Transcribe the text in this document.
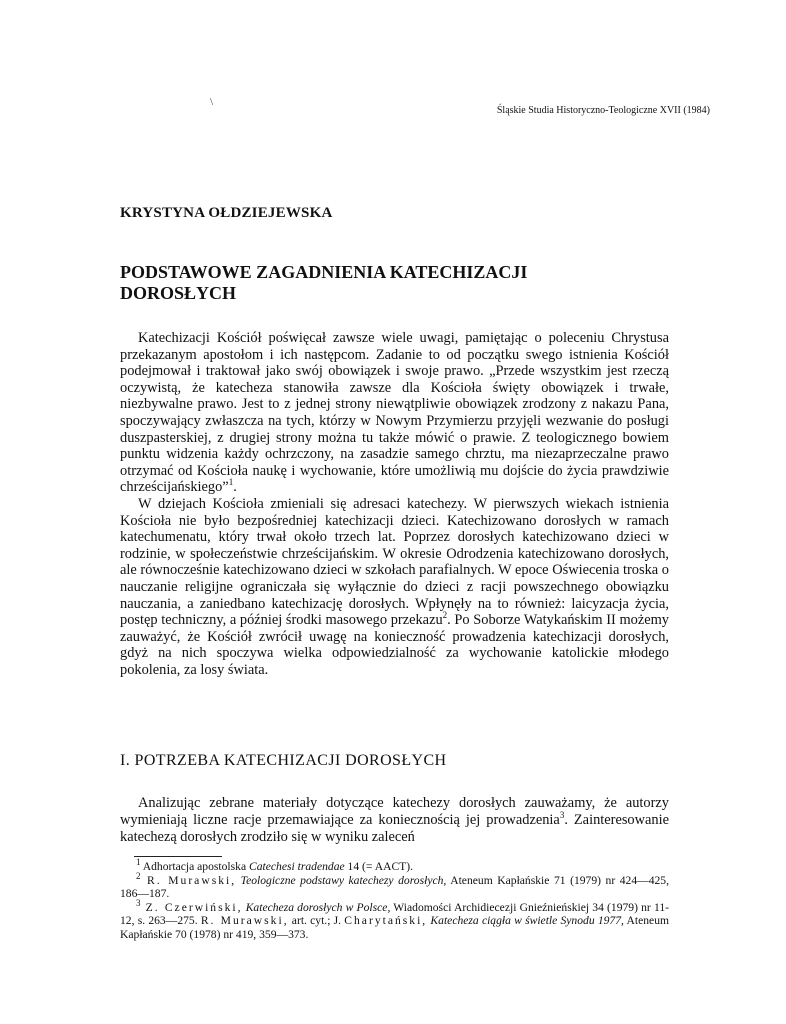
\
Śląskie Studia Historyczno-Teologiczne XVII (1984)
KRYSTYNA OŁDZIEJEWSKA
PODSTAWOWE ZAGADNIENIA KATECHIZACJI
DOROSŁYCH

Katechizacji Kościół poświęcał zawsze wiele uwagi, pamiętając o poleceniu Chrystusa przekazanym apostołom i ich następcom. Zadanie to od początku swego istnienia Kościół podejmował i traktował jako swój obowiązek i swoje prawo. „Przede wszystkim jest rzeczą oczywistą, że katecheza stanowiła zawsze dla Kościoła święty obowiązek i trwałe, niezbywalne prawo. Jest to z jednej strony niewątpliwie obowiązek zrodzony z nakazu Pana, spoczywający zwłaszcza na tych, którzy w Nowym Przymierzu przyjęli wezwanie do posługi duszpasterskiej, z drugiej strony można tu także mówić o prawie. Z teologicznego bowiem punktu widzenia każdy ochrzczony, na zasadzie samego chrztu, ma niezaprzeczalne prawo otrzymać od Kościoła naukę i wychowanie, które umożliwią mu dojście do życia prawdziwie chrześcijańskiego”$^1$.

W dziejach Kościoła zmieniali się adresaci katechezy. W pierwszych wiekach istnienia Kościoła nie było bezpośredniej katechizacji dzieci. Katechizowano dorosłych w ramach katechumenatu, który trwał około trzech lat. Poprzez dorosłych katechizowano dzieci w rodzinie, w społeczeństwie chrześcijańskim. W okresie Odrodzenia katechizowano dorosłych, ale równocześnie katechizowano dzieci w szkołach parafialnych. W epoce Oświecenia troska o nauczanie religijne ograniczała się wyłącznie do dzieci z racji powszechnego obowiązku nauczania, a zaniedbano katechizację dorosłych. Wpłynęły na to również: laicyzacja życia, postęp techniczny, a później środki masowego przekazu$^2$. Po Soborze Watykańskim II możemy zauważyć, że Kościół zwrócił uwagę na konieczność prowadzenia katechizacji dorosłych, gdyż na nich spoczywa wielka odpowiedzialność za wychowanie katolickie młodego pokolenia, za losy świata.

I. POTRZEBA KATECHIZACJI DOROSŁYCH

Analizując zebrane materiały dotyczące katechezy dorosłych zauważamy, że autorzy wymieniają liczne racje przemawiające za koniecznością jej prowadzenia$^3$. Zainteresowanie katechezą dorosłych zrodziło się w wyniku zaleceń

$^1$ Adhortacja apostolska Catechesi tradendae 14 (= AACT).

$^2$ R. Murawski, Teologiczne podstawy katechezy dorosłych, Ateneum Kapłańskie 71 (1979) nr 424—425, 186—187.

$^3$ Z. Czerwiński, Katecheza dorosłych w Polsce, Wiadomości Archidiecezji Gnieźnieńskiej 34 (1979) nr 11-12, s. 263—275. R. Murawski, art. cyt.; J. Charytański, Katecheza ciągła w świetle Synodu 1977, Ateneum Kapłańskie 70 (1978) nr 419, 359—373.
